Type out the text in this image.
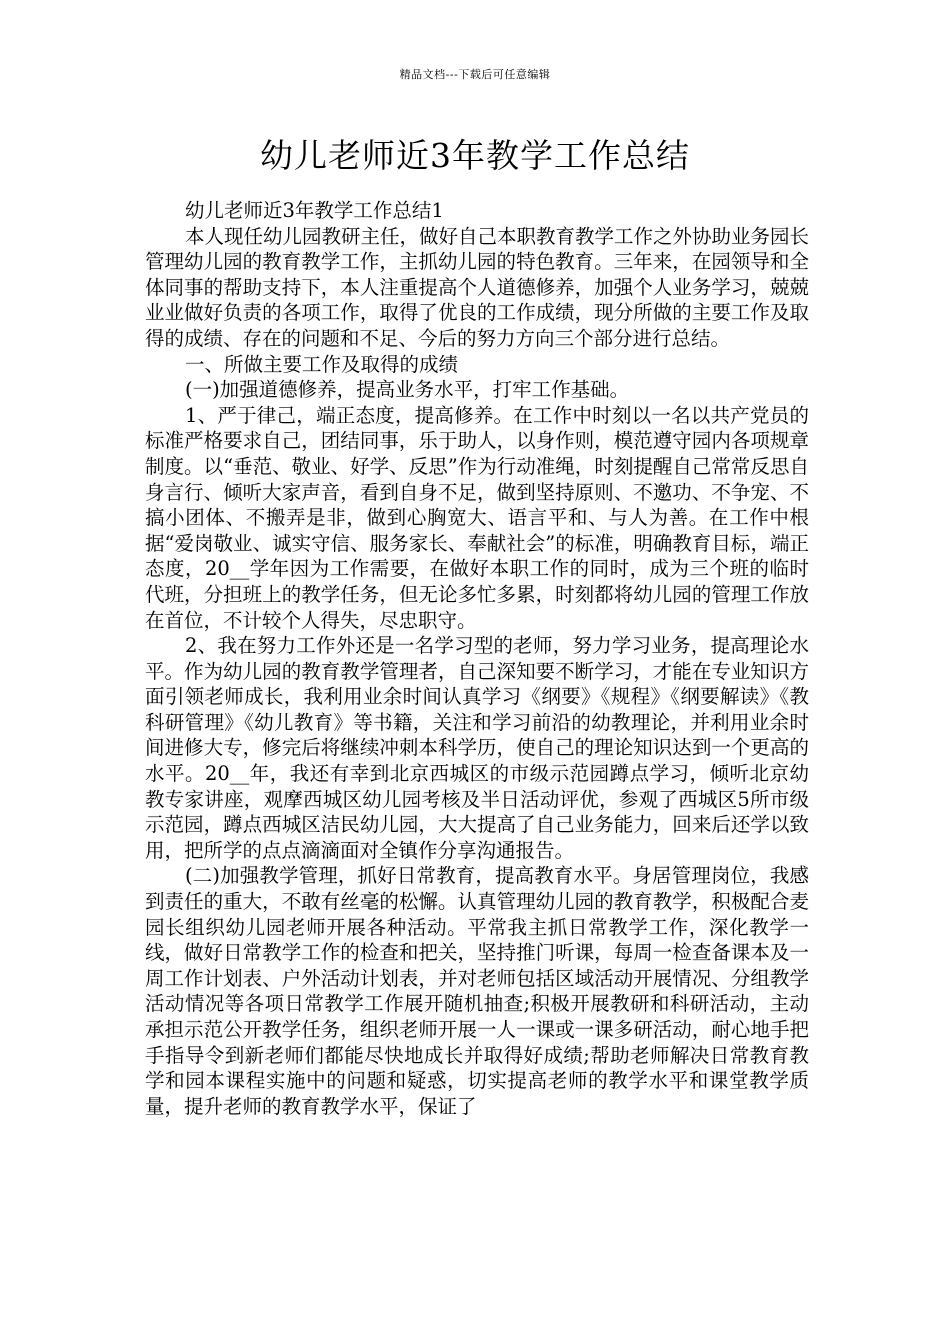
精品文档---下载后可任意编辑
幼儿老师近3年教学工作总结

幼儿老师近3年教学工作总结1

本人现任幼儿园教研主任，做好自己本职教育教学工作之外协助业务园长管理幼儿园的教育教学工作，主抓幼儿园的特色教育。三年来，在园领导和全体同事的帮助支持下，本人注重提高个人道德修养，加强个人业务学习，兢兢业业做好负责的各项工作，取得了优良的工作成绩，现分所做的主要工作及取得的成绩、存在的问题和不足、今后的努力方向三个部分进行总结。

一、所做主要工作及取得的成绩

(一)加强道德修养，提高业务水平，打牢工作基础。

1、严于律己，端正态度，提高修养。在工作中时刻以一名以共产党员的标准严格要求自己，团结同事，乐于助人，以身作则，模范遵守园内各项规章制度。以“垂范、敬业、好学、反思”作为行动准绳，时刻提醒自己常常反思自身言行、倾听大家声音，看到自身不足，做到坚持原则、不邀功、不争宠、不搞小团体、不搬弄是非，做到心胸宽大、语言平和、与人为善。在工作中根据“爱岗敬业、诚实守信、服务家长、奉献社会”的标准，明确教育目标，端正态度，20__学年因为工作需要，在做好本职工作的同时，成为三个班的临时代班，分担班上的教学任务，但无论多忙多累，时刻都将幼儿园的管理工作放在首位，不计较个人得失，尽忠职守。

2、我在努力工作外还是一名学习型的老师，努力学习业务，提高理论水平。作为幼儿园的教育教学管理者，自己深知要不断学习，才能在专业知识方面引领老师成长，我利用业余时间认真学习《纲要》《规程》《纲要解读》《教科研管理》《幼儿教育》等书籍，关注和学习前沿的幼教理论，并利用业余时间进修大专，修完后将继续冲刺本科学历，使自己的理论知识达到一个更高的水平。20__年，我还有幸到北京西城区的市级示范园蹲点学习，倾听北京幼教专家讲座，观摩西城区幼儿园考核及半日活动评优，参观了西城区5所市级示范园，蹲点西城区洁民幼儿园，大大提高了自己业务能力，回来后还学以致用，把所学的点点滴滴面对全镇作分享沟通报告。

(二)加强教学管理，抓好日常教育，提高教育水平。身居管理岗位，我感到责任的重大，不敢有丝毫的松懈。认真管理幼儿园的教育教学，积极配合麦园长组织幼儿园老师开展各种活动。平常我主抓日常教学工作，深化教学一线，做好日常教学工作的检查和把关，坚持推门听课，每周一检查备课本及一周工作计划表、户外活动计划表，并对老师包括区域活动开展情况、分组教学活动情况等各项日常教学工作展开随机抽查;积极开展教研和科研活动，主动承担示范公开教学任务，组织老师开展一人一课或一课多研活动，耐心地手把手指导令到新老师们都能尽快地成长并取得好成绩;帮助老师解决日常教育教学和园本课程实施中的问题和疑惑，切实提高老师的教学水平和课堂教学质量，提升老师的教育教学水平，保证了
